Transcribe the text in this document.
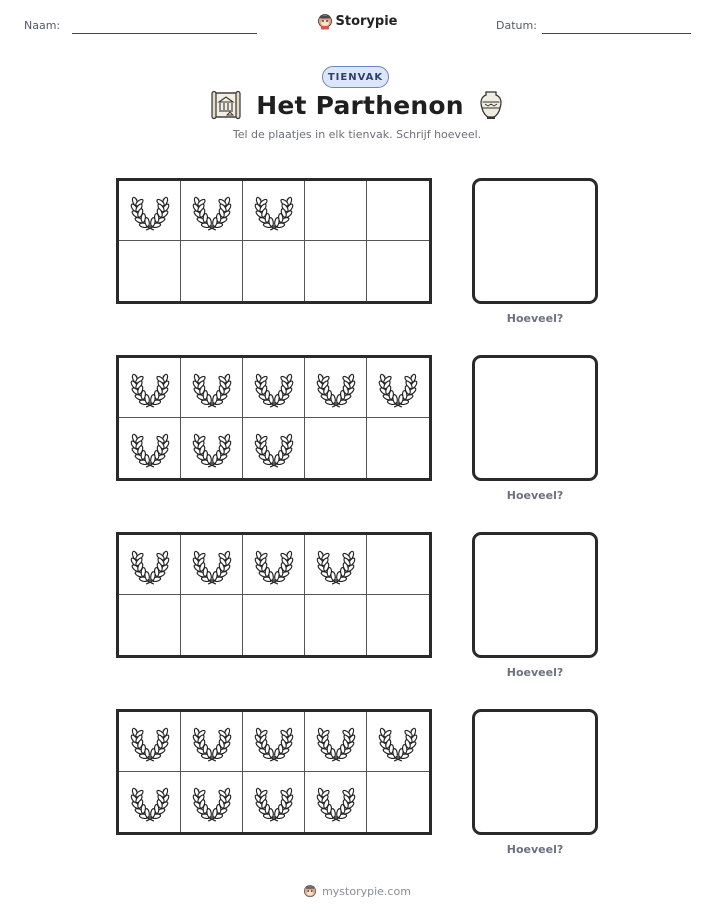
Naam:	Storypie	Datum:
TIENVAK
Het Parthenon
Tel de plaatjes in elk tienvak. Schrijf hoeveel.
Hoeveel?
Hoeveel?
Hoeveel?
Hoeveel?
mystorypie.com
